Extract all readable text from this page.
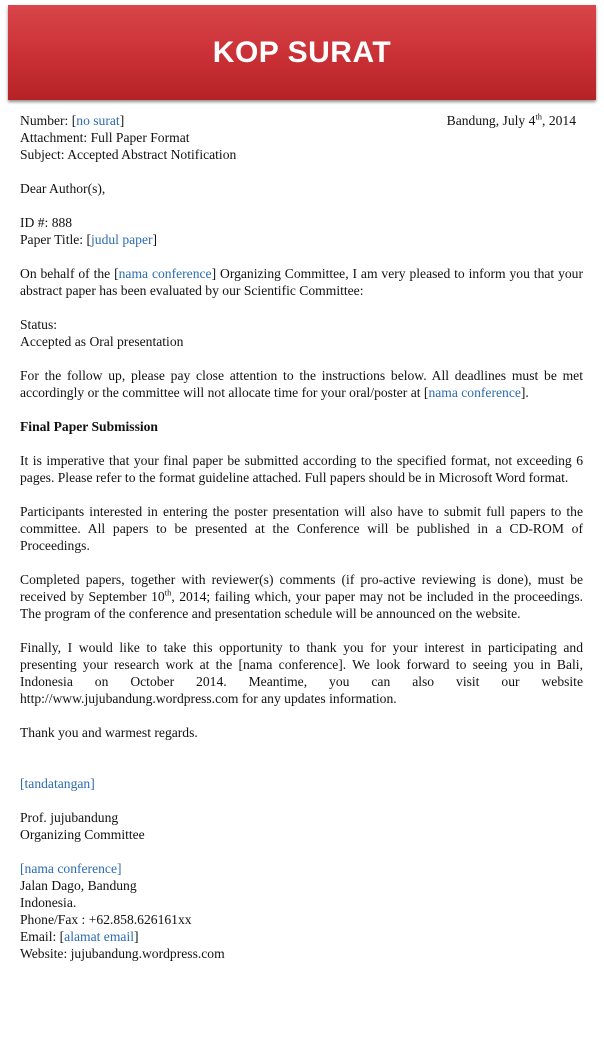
KOP SURAT
Number: [no surat]	Bandung, July 4th, 2014
Attachment: Full Paper Format
Subject: Accepted Abstract Notification
Dear Author(s),
ID #: 888
Paper Title: [judul paper]
On behalf of the [nama conference] Organizing Committee, I am very pleased to inform you that your abstract paper has been evaluated by our Scientific Committee:
Status:
Accepted as Oral presentation
For the follow up, please pay close attention to the instructions below. All deadlines must be met accordingly or the committee will not allocate time for your oral/poster at [nama conference].
Final Paper Submission
It is imperative that your final paper be submitted according to the specified format, not exceeding 6 pages. Please refer to the format guideline attached. Full papers should be in Microsoft Word format.
Participants interested in entering the poster presentation will also have to submit full papers to the committee. All papers to be presented at the Conference will be published in a CD-ROM of Proceedings.
Completed papers, together with reviewer(s) comments (if pro-active reviewing is done), must be received by September 10th, 2014; failing which, your paper may not be included in the proceedings. The program of the conference and presentation schedule will be announced on the website.
Finally, I would like to take this opportunity to thank you for your interest in participating and presenting your research work at the [nama conference]. We look forward to seeing you in Bali, Indonesia on October 2014. Meantime, you can also visit our website http://www.jujubandung.wordpress.com for any updates information.
Thank you and warmest regards.
[tandatangan]
Prof. jujubandung
Organizing Committee
[nama conference]
Jalan Dago, Bandung
Indonesia.
Phone/Fax : +62.858.626161xx
Email: [alamat email]
Website: jujubandung.wordpress.com
